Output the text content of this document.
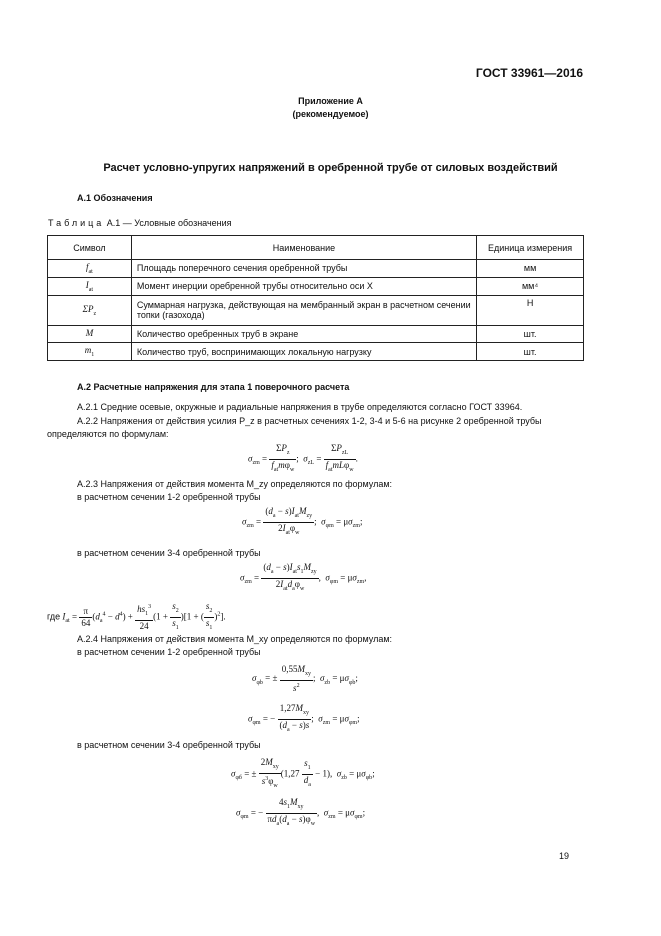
ГОСТ 33961—2016
Приложение А
(рекомендуемое)
Расчет условно-упругих напряжений в оребренной трубе от силовых воздействий
А.1 Обозначения
Таблица А.1 — Условные обозначения
Символ	Наименование	Единица измерения
$f_{at}$	Площадь поперечного сечения оребренной трубы	мм
$I_{at}$	Момент инерции оребренной трубы относительно оси X	мм⁴
$\Sigma P_z$	Суммарная нагрузка, действующая на мембранный экран в расчетном сечении топки (газохода)	Н
M	Количество оребренных труб в экране	шт.
$m_1$	Количество труб, воспринимающих локальную нагрузку	шт.
А.2 Расчетные напряжения для этапа 1 поверочного расчета
А.2.1 Средние осевые, окружные и радиальные напряжения в трубе определяются согласно ГОСТ 33964.
А.2.2 Напряжения от действия усилия P_z в расчетных сечениях 1-2, 3-4 и 5-6 на рисунке 2 оребренной трубы определяются по формулам:
$\sigma_{zm}$ =
$\Sigma P_z$
$f_{at}m\varphi_w$
;  $\sigma_{zL}$ =
$\Sigma P_{zL}$
$f_{at}mL\varphi_w$
.
А.2.3 Напряжения от действия момента M_zy определяются по формулам:
в расчетном сечении 1-2 оребренной трубы
$\sigma_{zm}$ =
$(d_a - s)I_{at}M_{zy}$
$2I_{at}\varphi_w$
;  $\sigma_{\varphi m} = \mu\sigma_{zm}$;
в расчетном сечении 3-4 оребренной трубы
$\sigma_{zm}$ =
$(d_a - s)I_{at}s_1M_{zy}$
$2I_{at}d_a\varphi_w$
,  $\sigma_{\varphi m} = \mu\sigma_{zm}$,
где $I_{at} = \frac{\pi}{64} (d_a^4 - d^4) + \frac{hs_1^3}{24} (1 + \frac{s_2}{s_1} )[1$ + ( $\frac{s_2}{s_1} )^2$].
А.2.4 Напряжения от действия момента M_xy определяются по формулам:
в расчетном сечении 1-2 оребренной трубы
$\sigma_{\varphi b}$ = ±
$0,55M_{xy}$
$s^2$
;  $\sigma_{zb} = \mu\sigma_{\varphi b}$;
$\sigma_{\varphi m}$ = −
$1,27M_{xy}$
$(d_a - s)s$
;  $\sigma_{zm} = \mu\sigma_{\varphi m}$;
в расчетном сечении 3-4 оребренной трубы
$\sigma_{\varphi б}$ = ±
$2M_{xy}$
$s^3\varphi_w$
$(1,27 \frac{s_1}{d_a} - 1)$,  $\sigma_{zb} = \mu\sigma_{\varphi b}$;
$\sigma_{\varphi m}$ = −
$4s_1M_{xy}$
$\pi d_a(d_a - s)\varphi_w$
,  $\sigma_{zm} = \mu\sigma_{\varphi m}$;
19
